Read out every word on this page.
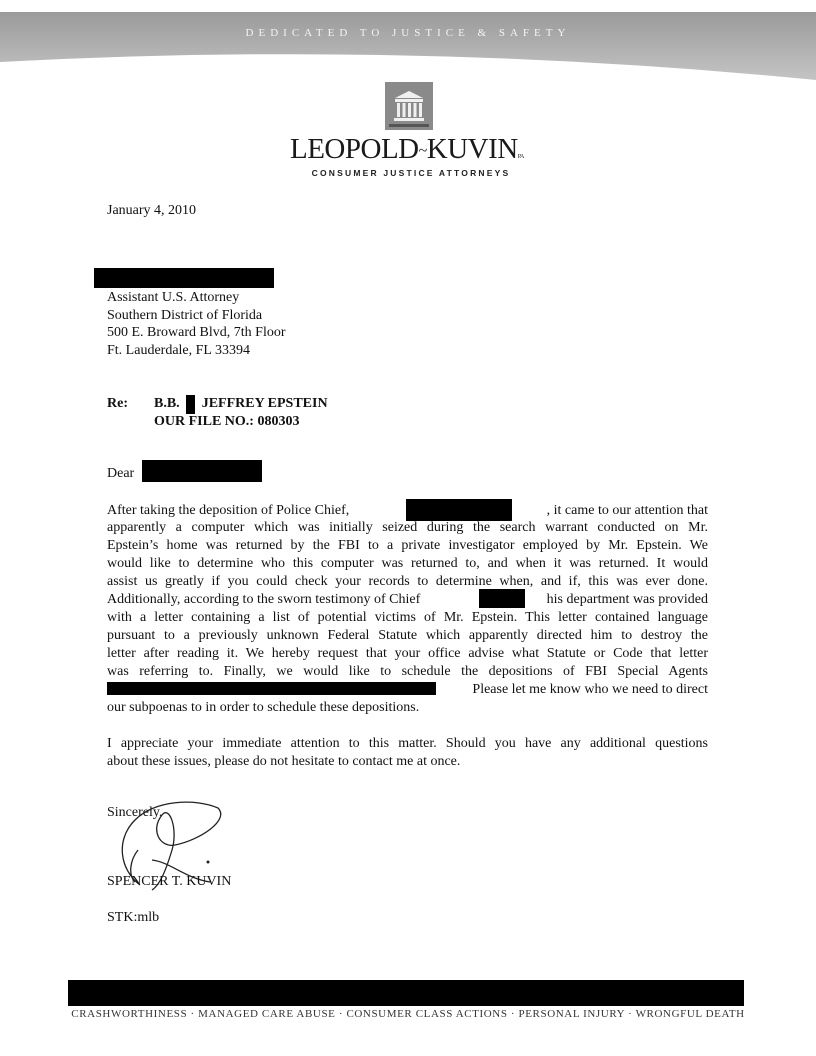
DEDICATED TO JUSTICE & SAFETY
LEOPOLD~KUVINPA
CONSUMER JUSTICE ATTORNEYS
January 4, 2010
Assistant U.S. Attorney
Southern District of Florida
500 E. Broward Blvd, 7th Floor
Ft. Lauderdale, FL 33394
Re: B.B. JEFFREY EPSTEIN
OUR FILE NO.: 080303
Dear
After taking the deposition of Police Chief,	, it came to our attention that
apparently a computer which was initially seized during the search warrant conducted on Mr.
Epstein’s home was returned by the FBI to a private investigator employed by Mr. Epstein. We
would like to determine who this computer was returned to, and when it was returned. It would
assist us greatly if you could check your records to determine when, and if, this was ever done.
Additionally, according to the sworn testimony of Chief	his department was provided
with a letter containing a list of potential victims of Mr. Epstein. This letter contained language
pursuant to a previously unknown Federal Statute which apparently directed him to destroy the
letter after reading it. We hereby request that your office advise what Statute or Code that letter
was referring to. Finally, we would like to schedule the depositions of FBI Special Agents
Please let me know who we need to direct
our subpoenas to in order to schedule these depositions.
I appreciate your immediate attention to this matter. Should you have any additional questions
about these issues, please do not hesitate to contact me at once.
Sincerely,
SPENCER T. KUVIN
STK:mlb
CRASHWORTHINESS · MANAGED CARE ABUSE · CONSUMER CLASS ACTIONS · PERSONAL INJURY · WRONGFUL DEATH
